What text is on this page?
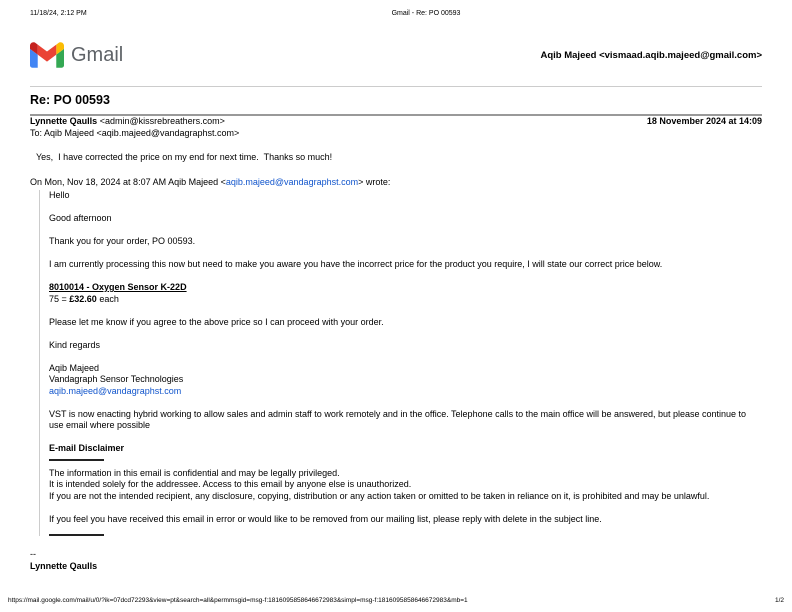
11/18/24, 2:12 PM	Gmail - Re: PO 00593
Gmail	Aqib Majeed <vismaad.aqib.majeed@gmail.com>
Re: PO 00593
Lynnette Qaulls <admin@kissrebreathers.com>	18 November 2024 at 14:09
To: Aqib Majeed <aqib.majeed@vandagraphst.com>
Yes,  I have corrected the price on my end for next time.  Thanks so much!
On Mon, Nov 18, 2024 at 8:07 AM Aqib Majeed <aqib.majeed@vandagraphst.com> wrote:

Hello

Good afternoon

Thank you for your order, PO 00593.

I am currently processing this now but need to make you aware you have the incorrect price for the product you require, I will state our correct price below.

8010014 - Oxygen Sensor K-22D

75 = £32.60 each

Please let me know if you agree to the above price so I can proceed with your order.

Kind regards

Aqib Majeed

Vandagraph Sensor Technologies

aqib.majeed@vandagraphst.com

VST is now enacting hybrid working to allow sales and admin staff to work remotely and in the office. Telephone calls to the main office will be answered, but please continue to use email where possible

E-mail Disclaimer

The information in this email is confidential and may be legally privileged.

It is intended solely for the addressee. Access to this email by anyone else is unauthorized.

If you are not the intended recipient, any disclosure, copying, distribution or any action taken or omitted to be taken in reliance on it, is prohibited and may be unlawful.

If you feel you have received this email in error or would like to be removed from our mailing list, please reply with delete in the subject line.

--
Lynnette Qaulls
https://mail.google.com/mail/u/0/?ik=07dcd72293&view=pt&search=all&permmsgid=msg-f:1816095858646672983&simpl=msg-f:1816095858646672983&mb=1	1/2
